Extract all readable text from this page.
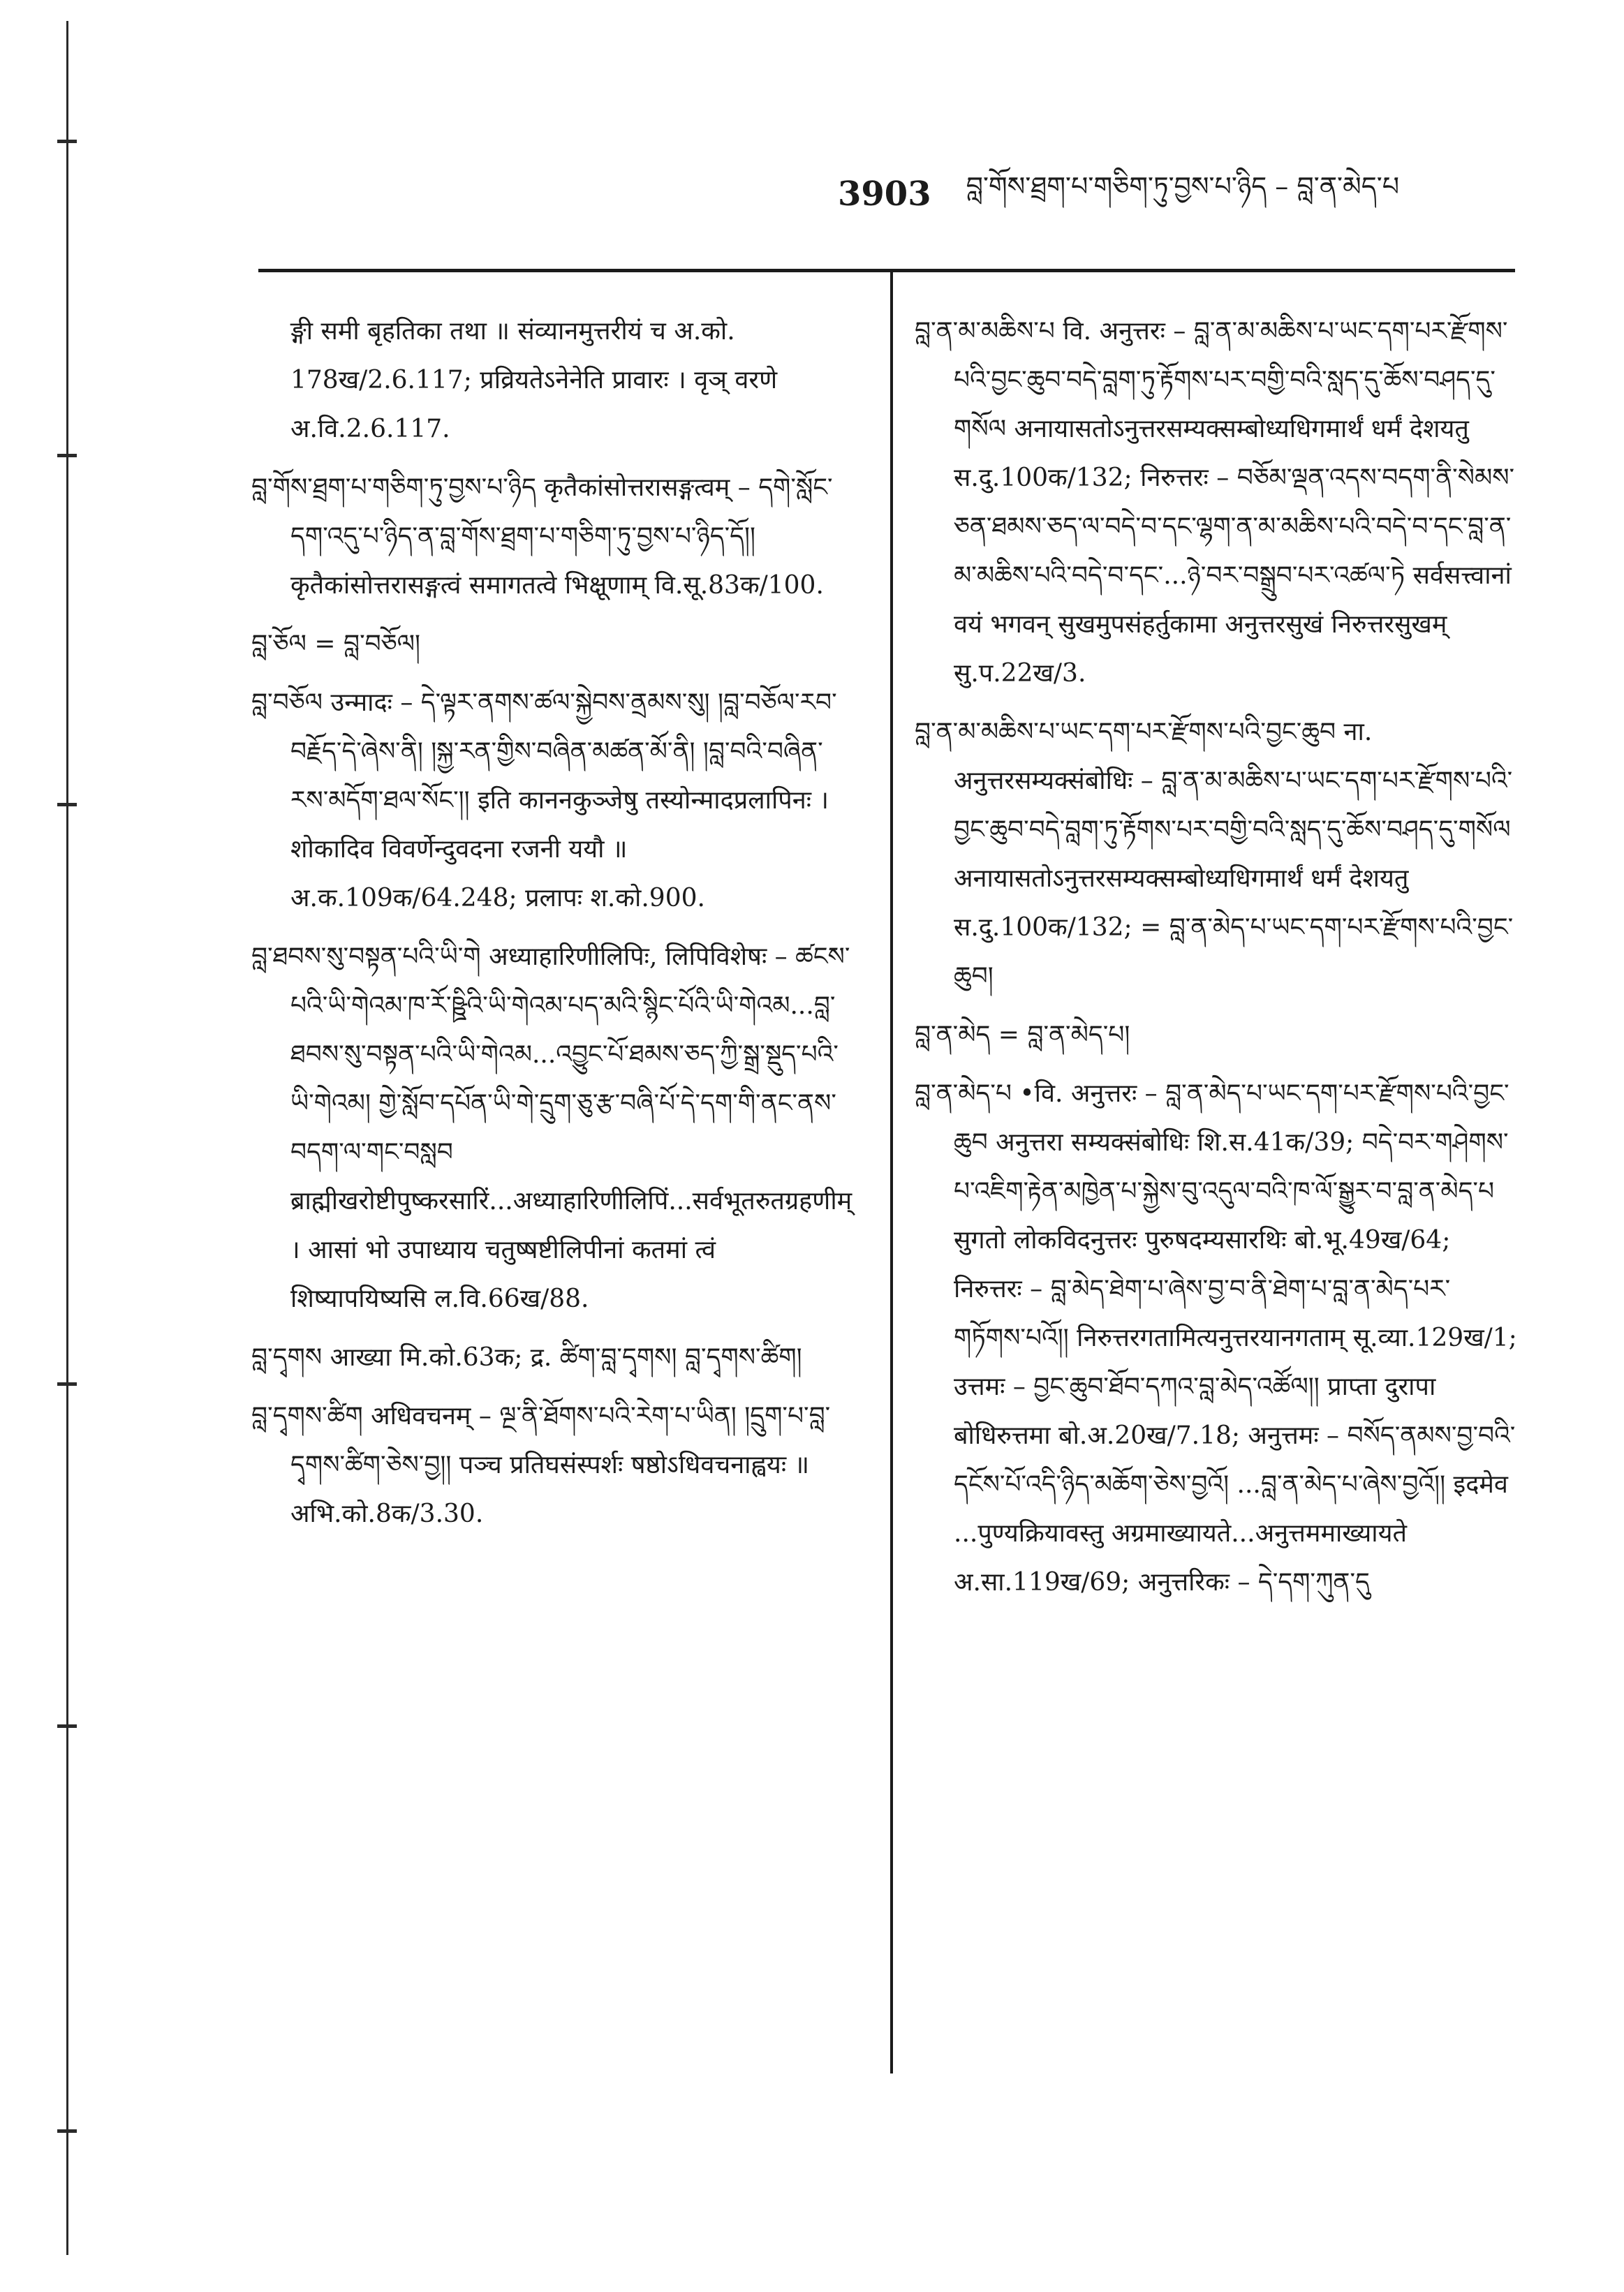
3903 བླ་གོས་ཐྲག་པ་གཅིག་ཏུ་བྱས་པ་ཉིད – བླ་ན་མེད་པ

ङ्गी समी बृहतिका तथा ॥ संव्यानमुत्तरीयं च अ.को. 178ख/2.6.117; प्रव्रियतेऽनेनेति प्रावारः । वृञ् वरणे अ.वि.2.6.117.

བླ་གོས་ཐྲག་པ་གཅིག་ཏུ་བྱས་པ་ཉིད कृतैकांसोत्तरासङ्गत्वम् – དགེ་སློང་དག་འདུ་པ་ཉིད་ན་བླ་གོས་ཐྲག་པ་གཅིག་ཏུ་བྱས་པ་ཉིད་དོ།། कृतैकांसोत्तरासङ्गत्वं समागतत्वे भिक्षूणाम् वि.सू.83क/100.

བླ་ཅོལ = བླ་བཅོལ།

བླ་བཅོལ उन्मादः – དེ་ལྟར་ནགས་ཚལ་སྐྱེབས་ནྲམས་སུ། །བླ་བཅོལ་རབ་བརྗོད་དེ་ཞེས་ནི། །སྐྱ་རན་གྱིས་བཞིན་མཚན་མོ་ནི། །བླ་བའི་བཞིན་རས་མདོག་ཐལ་སོང་།། इति काननकुञ्जेषु तस्योन्मादप्रलापिनः । शोकादिव विवर्णेन्दुवदना रजनी ययौ ॥ अ.क.109क/64.248; प्रलापः श.को.900.

བླ་ཐབས་སུ་བསྟན་པའི་ཡི་གེ अध्याहारिणीलिपिः, लिपिविशेषः – ཚངས་པའི་ཡི་གེའམ་ཁ་རོ་ཥྛིའི་ཡི་གེའམ་པད་མའི་སྙིང་པོའི་ཡི་གེའམ...བླ་ཐབས་སུ་བསྟན་པའི་ཡི་གེའམ...འབྱུང་པོ་ཐམས་ཅད་ཀྱི་སྒྲ་སྡུད་པའི་ཡི་གེའམ། གྱེ་སློབ་དཔོན་ཡི་གེ་དྲུག་ཅུ་རྩ་བཞི་པོ་དེ་དག་གི་ནང་ནས་བདག་ལ་གང་བསླབ ब्राह्मीखरोष्टीपुष्करसारिं...अध्याहारिणीलिपिं...सर्वभूतरुतग्रहणीम् । आसां भो उपाध्याय चतुष्षष्टीलिपीनां कतमां त्वं शिष्यापयिष्यसि ल.वि.66ख/88.

བླ་དྭགས आख्या मि.को.63क; द्र. ཚིག་བླ་དྭགས། བླ་དྭགས་ཚིག།

བླ་དྭགས་ཚིག अधिवचनम् – ལྔ་ནི་ཐོགས་པའི་རེག་པ་ཡིན། །དྲུག་པ་བླ་དྭགས་ཚིག་ཅེས་བྱ།། पञ्च प्रतिघसंस्पर्शः षष्ठोऽधिवचनाह्वयः ॥ अभि.को.8क/3.30.

བླ་ན་མ་མཆིས་པ वि. अनुत्तरः – བླ་ན་མ་མཆིས་པ་ཡང་དག་པར་རྫོགས་པའི་བྱང་ཆུབ་བདེ་བླག་ཏུ་རྟོགས་པར་བགྱི་བའི་སླད་དུ་ཆོས་བཤད་དུ་གསོལ अनायासतोऽनुत्तरसम्यक्सम्बोध्यधिगमार्थं धर्मं देशयतु स.दु.100क/132; निरुत्तरः – བཅོམ་ལྡན་འདས་བདག་ནི་སེམས་ཅན་ཐམས་ཅད་ལ་བདེ་བ་དང་ལྷག་ན་མ་མཆིས་པའི་བདེ་བ་དང་བླ་ན་མ་མཆིས་པའི་བདེ་བ་དང་...ཉེ་བར་བསྒྲུབ་པར་འཚལ་ཏེ सर्वसत्त्वानां वयं भगवन् सुखमुपसंहर्तुकामा अनुत्तरसुखं निरुत्तरसुखम् सु.प.22ख/3.

བླ་ན་མ་མཆིས་པ་ཡང་དག་པར་རྫོགས་པའི་བྱང་ཆུབ ना. अनुत्तरसम्यक्संबोधिः – བླ་ན་མ་མཆིས་པ་ཡང་དག་པར་རྫོགས་པའི་བྱང་ཆུབ་བདེ་བླག་ཏུ་རྟོགས་པར་བགྱི་བའི་སླད་དུ་ཆོས་བཤད་དུ་གསོལ अनायासतोऽनुत्तरसम्यक्सम्बोध्यधिगमार्थं धर्मं देशयतु स.दु.100क/132; = བླ་ན་མེད་པ་ཡང་དག་པར་རྫོགས་པའི་བྱང་ཆུབ།

བླ་ན་མེད = བླ་ན་མེད་པ།

བླ་ན་མེད་པ •वि. अनुत्तरः – བླ་ན་མེད་པ་ཡང་དག་པར་རྫོགས་པའི་བྱང་ཆུབ अनुत्तरा सम्यक्संबोधिः शि.स.41क/39; བདེ་བར་གཤེགས་པ་འཇིག་རྟེན་མཁྱེན་པ་སྐྱེས་བུ་འདུལ་བའི་ཁ་ལོ་སྒྱུར་བ་བླ་ན་མེད་པ सुगतो लोकविदनुत्तरः पुरुषदम्यसारथिः बो.भू.49ख/64; निरुत्तरः – བླ་མེད་ཐེག་པ་ཞེས་བྱ་བ་ནི་ཐེག་པ་བླ་ན་མེད་པར་གཏོགས་པའོ།། निरुत्तरगतामित्यनुत्तरयानगताम् सू.व्या.129ख/1; उत्तमः – བྱང་ཆུབ་ཐོབ་དཀའ་བླ་མེད་འཚོལ།། प्राप्ता दुरापा बोधिरुत्तमा बो.अ.20ख/7.18; अनुत्तमः – བསོད་ནམས་བྱ་བའི་དངོས་པོ་འདི་ཉིད་མཆོག་ཅེས་བྱའོ། ...བླ་ན་མེད་པ་ཞེས་བྱའོ།། इदमेव ...पुण्यक्रियावस्तु अग्रमाख्यायते...अनुत्तममाख्यायते अ.सा.119ख/69; अनुत्तरिकः – དེ་དག་ཀུན་དུ
